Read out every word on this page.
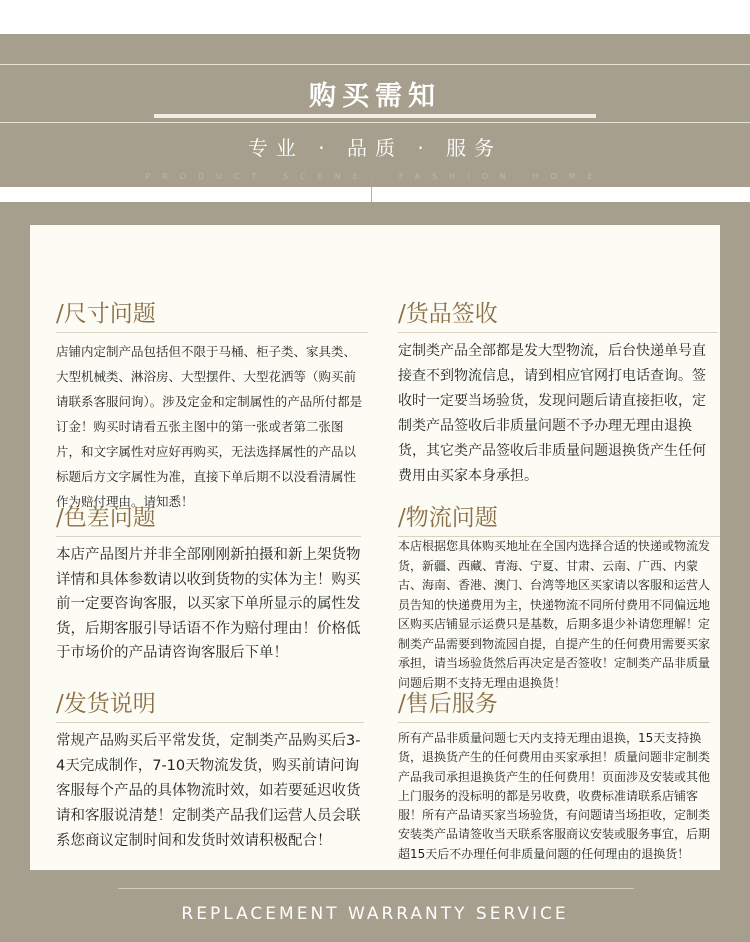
购买需知
专业 · 品质 · 服务
PRODUCT SCENE, FASHION HOME
/尺寸问题

店铺内定制产品包括但不限于马桶、柜子类、家具类、大型机械类、淋浴房、大型摆件、大型花洒等（购买前请联系客服问询）。涉及定金和定制属性的产品所付都是订金！购买时请看五张主图中的第一张或者第二张图片，和文字属性对应好再购买，无法选择属性的产品以标题后方文字属性为准，直接下单后期不以没看清属性作为赔付理由。请知悉！

/货品签收

定制类产品全部都是发大型物流，后台快递单号直接查不到物流信息，请到相应官网打电话查询。签收时一定要当场验货，发现问题后请直接拒收，定制类产品签收后非质量问题不予办理无理由退换货，其它类产品签收后非质量问题退换货产生任何费用由买家本身承担。

/色差问题

本店产品图片并非全部刚刚新拍摄和新上架货物详情和具体参数请以收到货物的实体为主！购买前一定要咨询客服，以买家下单所显示的属性发货，后期客服引导话语不作为赔付理由！价格低于市场价的产品请咨询客服后下单！

/物流问题

本店根据您具体购买地址在全国内选择合适的快递或物流发货，新疆、西藏、青海、宁夏、甘肃、云南、广西、内蒙古、海南、香港、澳门、台湾等地区买家请以客服和运营人员告知的快递费用为主，快递物流不同所付费用不同偏远地区购买店铺显示运费只是基数，后期多退少补请您理解！定制类产品需要到物流园自提，自提产生的任何费用需要买家承担，请当场验货然后再决定是否签收！定制类产品非质量问题后期不支持无理由退换货！

/发货说明

常规产品购买后平常发货，定制类产品购买后3-4天完成制作，7-10天物流发货，购买前请问询客服每个产品的具体物流时效，如若要延迟收货请和客服说清楚！定制类产品我们运营人员会联系您商议定制时间和发货时效请积极配合！

/售后服务

所有产品非质量问题七天内支持无理由退换，15天支持换货，退换货产生的任何费用由买家承担！质量问题非定制类产品我司承担退换货产生的任何费用！页面涉及安装或其他上门服务的没标明的都是另收费，收费标准请联系店铺客服！所有产品请买家当场验货，有问题请当场拒收，定制类安装类产品请签收当天联系客服商议安装或服务事宜，后期超15天后不办理任何非质量问题的任何理由的退换货！

REPLACEMENT WARRANTY SERVICE
